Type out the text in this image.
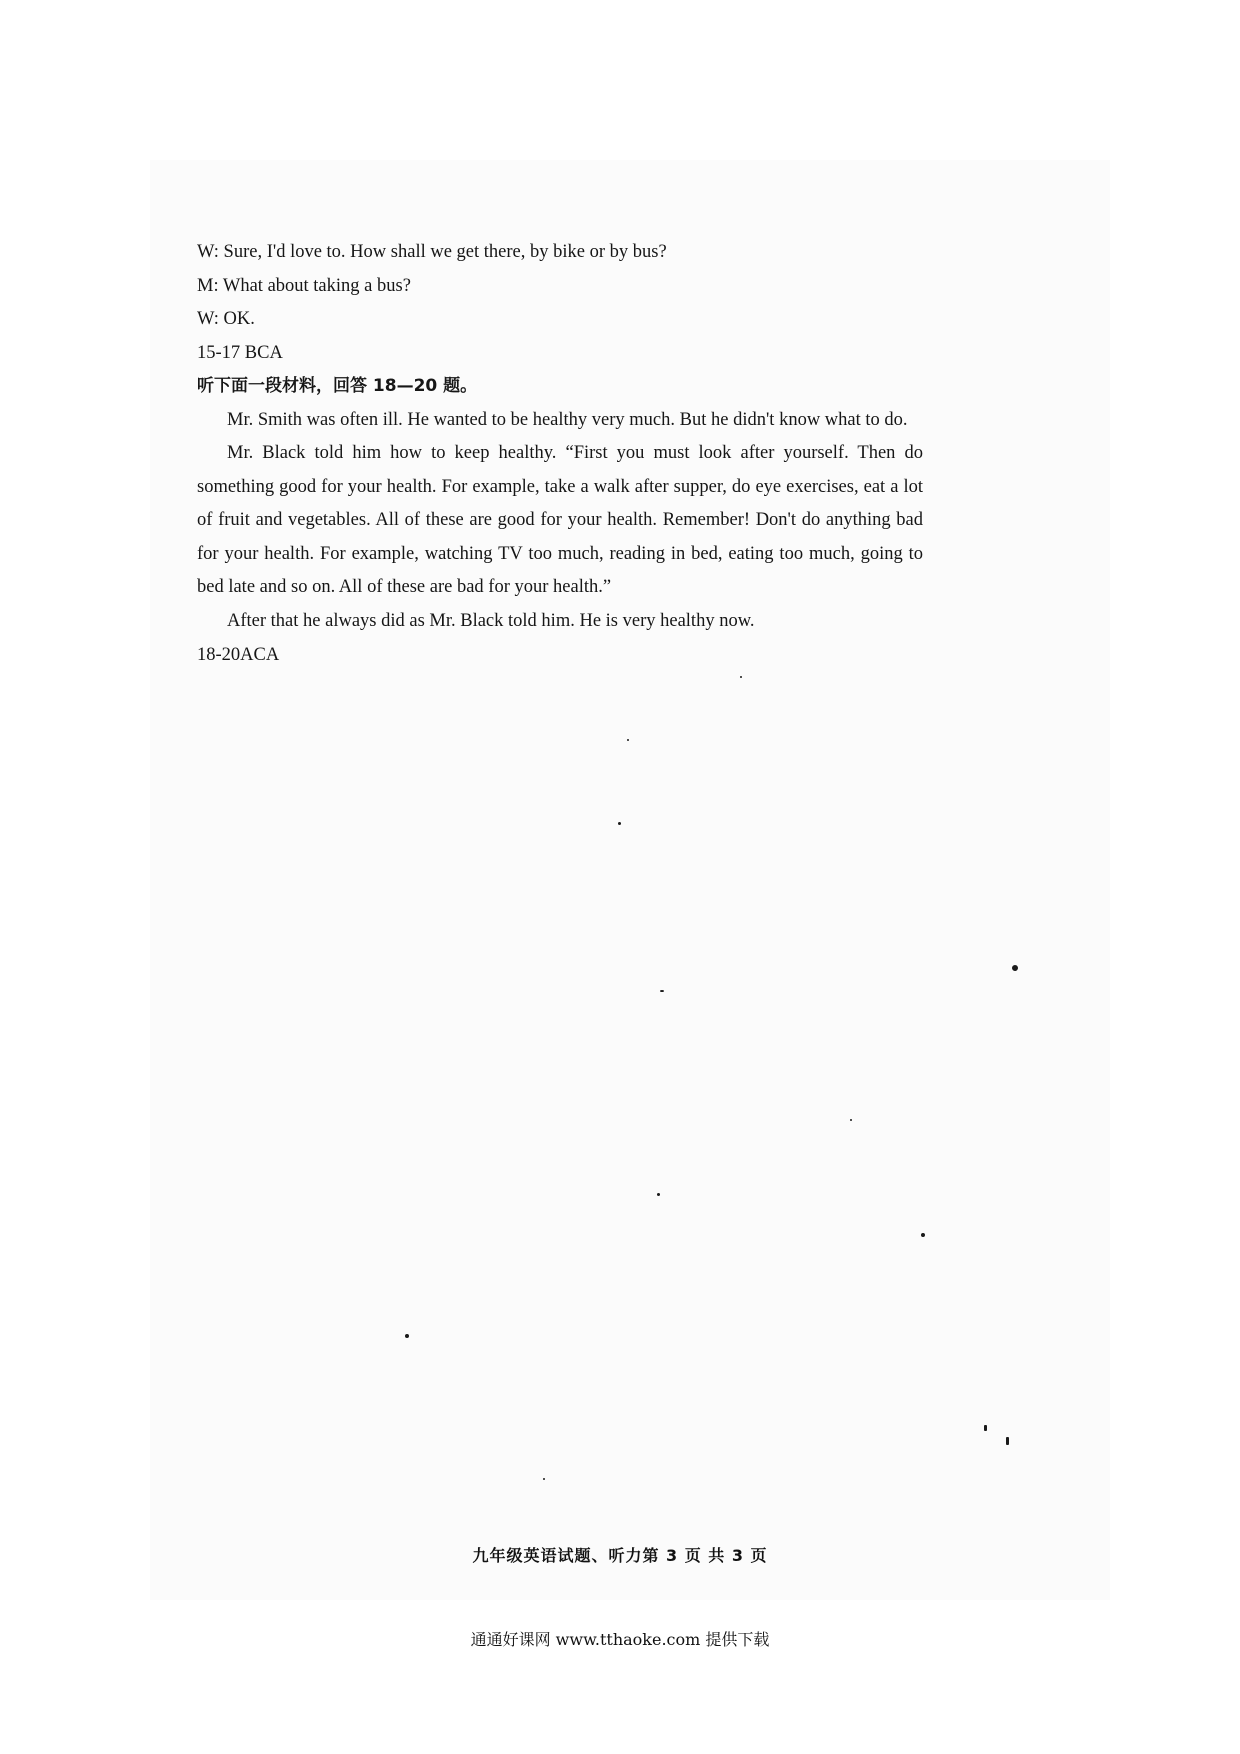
W: Sure, I'd love to. How shall we get there, by bike or by bus?

M: What about taking a bus?

W: OK.

15-17 BCA

听下面一段材料，回答 18—20 题。

Mr. Smith was often ill. He wanted to be healthy very much. But he didn't know what to do.

Mr. Black told him how to keep healthy. “First you must look after yourself. Then do something good for your health. For example, take a walk after supper, do eye exercises, eat a lot of fruit and vegetables. All of these are good for your health. Remember! Don't do anything bad for your health. For example, watching TV too much, reading in bed, eating too much, going to bed late and so on. All of these are bad for your health.”

After that he always did as Mr. Black told him. He is very healthy now.

18-20ACA

九年级英语试题、听力第 3 页 共 3 页
通通好课网 www.tthaoke.com 提供下载
